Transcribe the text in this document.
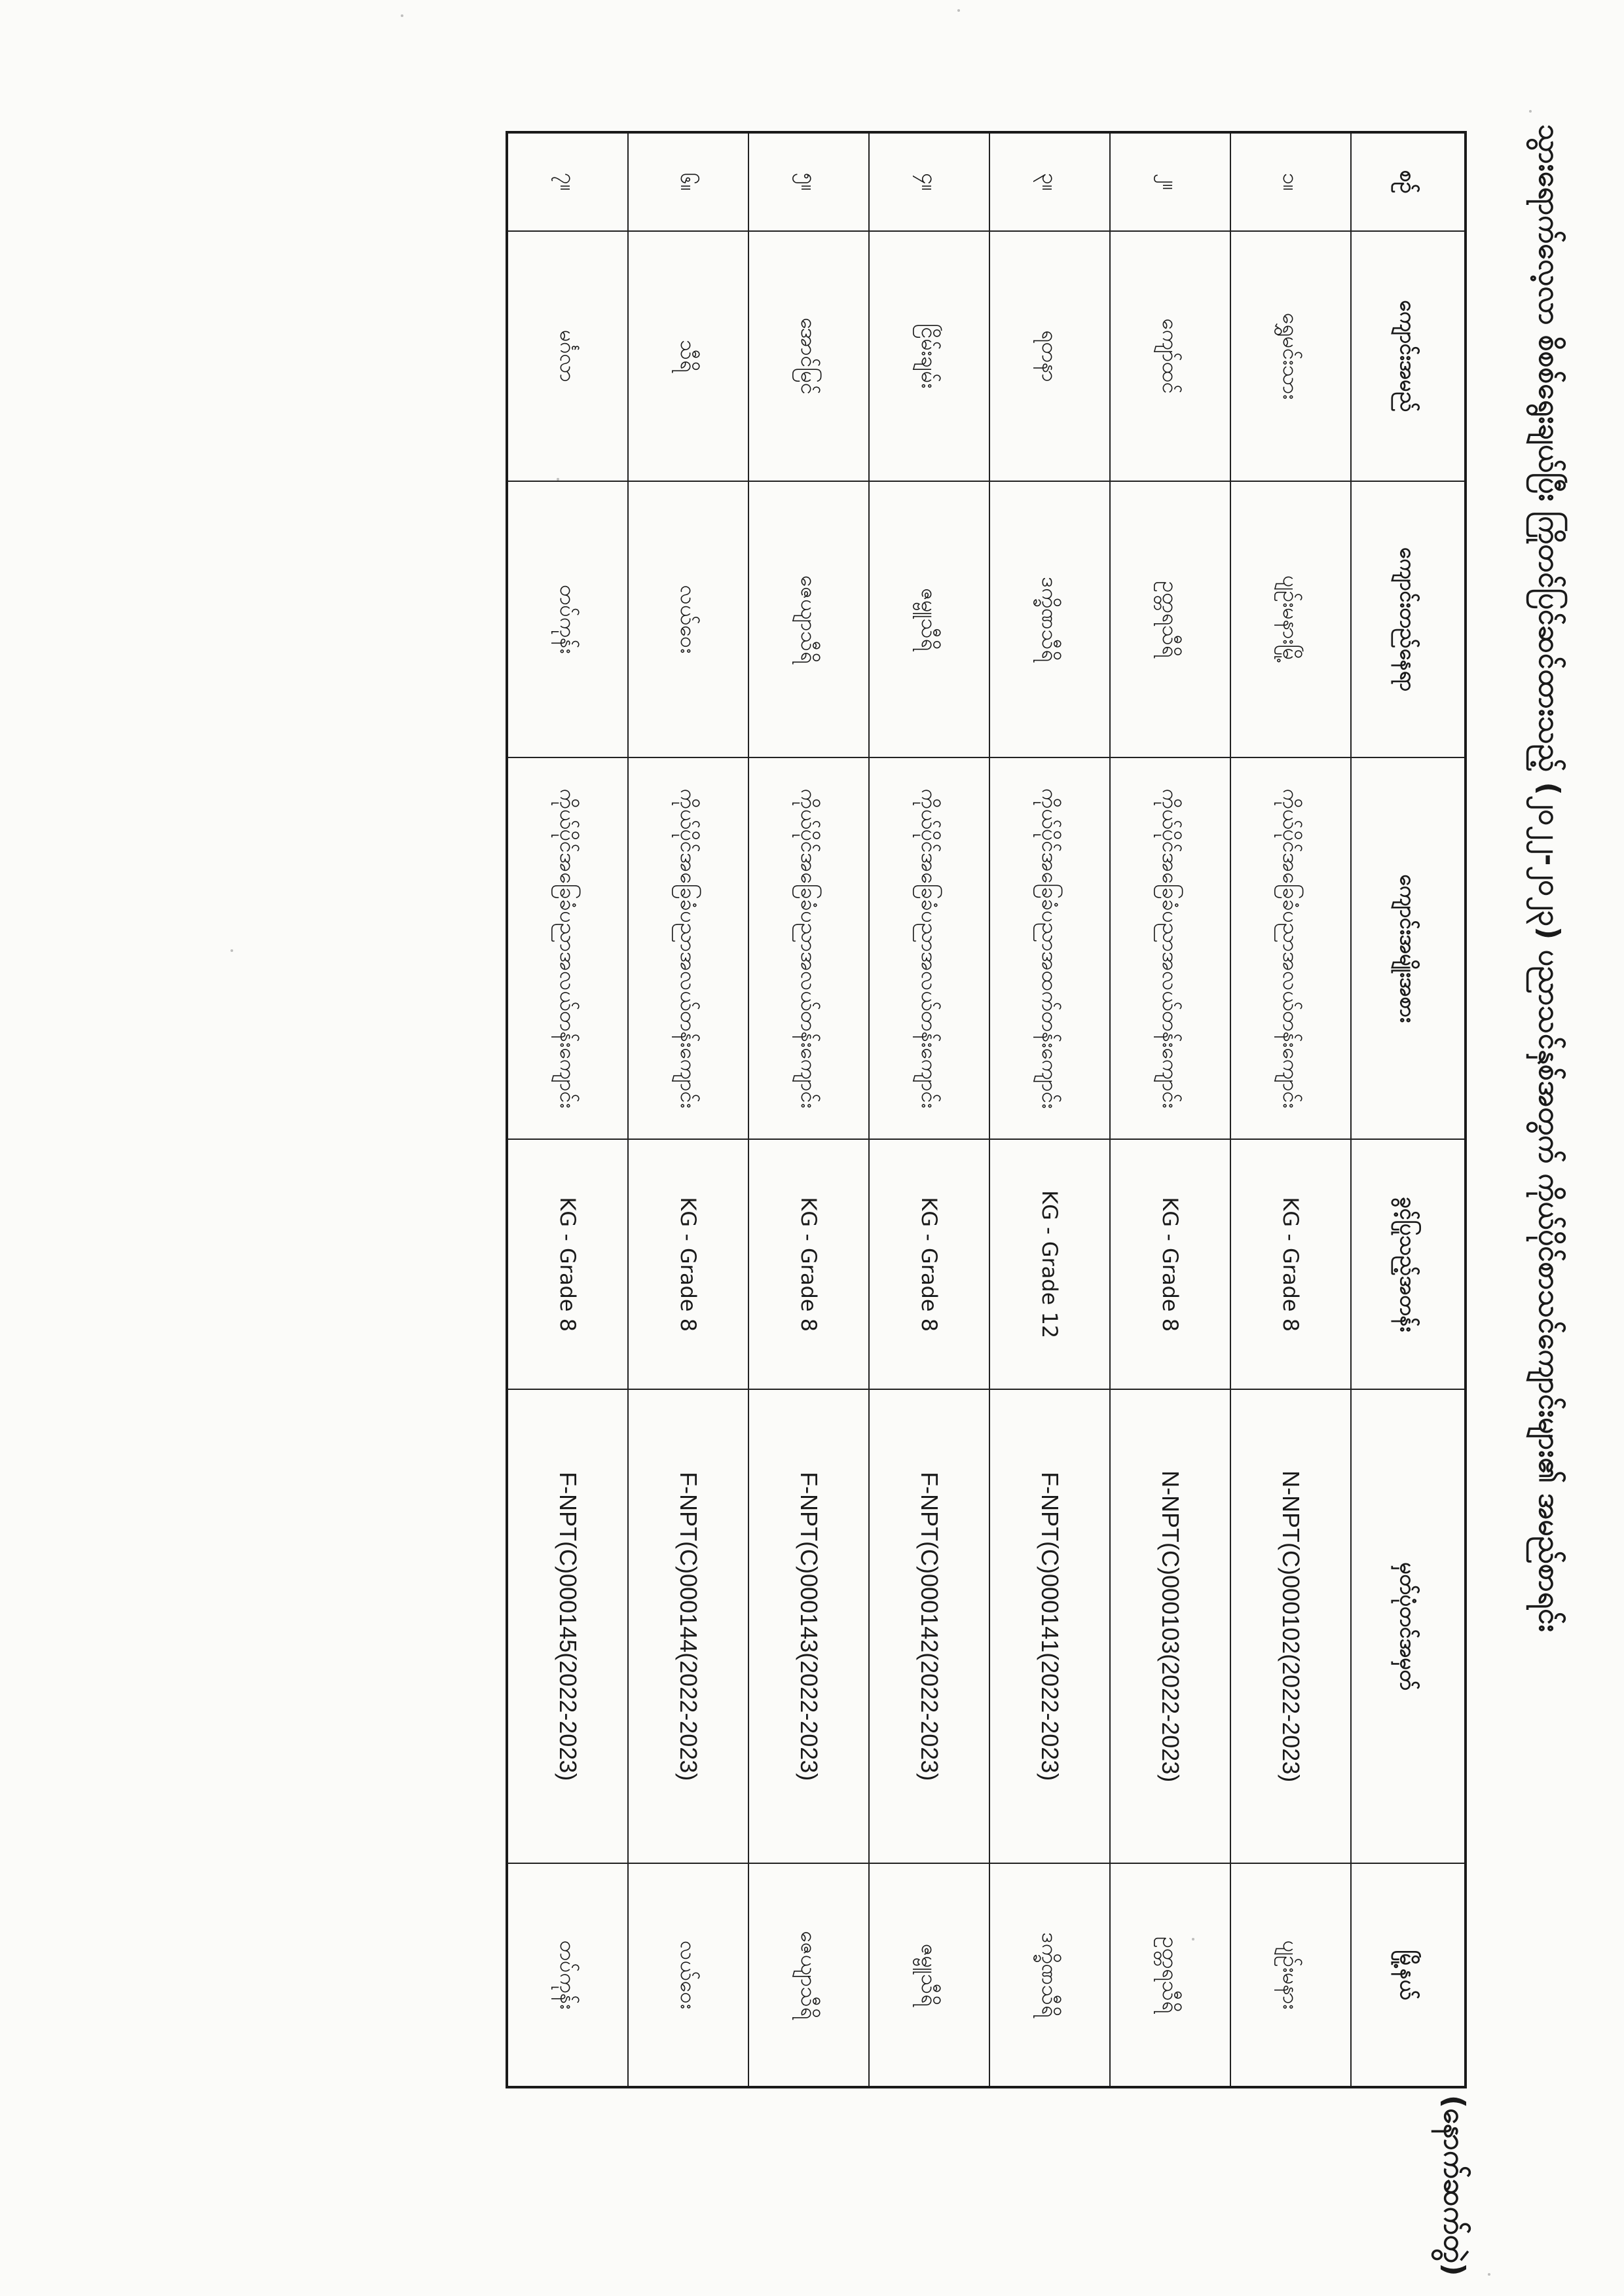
သွားရောက်လေ့လာ စိစစ်ရွေးချယ်ပြီး ကြိုတင်ပြင်ဆင်ထားသည့် (၂၀၂၂-၂၀၂၃) ပညာသင်နှစ်အတွက် ကိုယ်ပိုင်စာသင်ကျောင်းများ၏ အမည်စာရင်း
(နောက်ဆက်တွဲ)
စဉ်	ကျောင်းအမည်	ကျောင်းတည်နေရာ	ကျောင်းအမျိုးအစား	ခွင့်ပြုသည့်အတန်း	မှတ်ပုံတင်အမှတ်	မြို့နယ်
၁။	ရွှေမင်းသား	ပျဉ်းမနားမြို့	ကိုယ်ပိုင်အခြေခံပညာအလယ်တန်းကျောင်း	KG - Grade 8	N-NPT(C)000102(2022-2023)	ပျဉ်းမနား
၂။	ကျော်ထင်	ဥတ္တရသီရိ	ကိုယ်ပိုင်အခြေခံပညာအလယ်တန်းကျောင်း	KG - Grade 8	N-NPT(C)000103(2022-2023)	ဥတ္တရသီရိ
၃။	ရတနာ	ဒက္ခိဏသီရိ	ကိုယ်ပိုင်အခြေခံပညာအထက်တန်းကျောင်း	KG - Grade 12	F-NPT(C)000141(2022-2023)	ဒက္ခိဏသီရိ
၄။	ငြိမ်းချမ်း	ဇမ္ဗူသီရိ	ကိုယ်ပိုင်အခြေခံပညာအလယ်တန်းကျောင်း	KG - Grade 8	F-NPT(C)000142(2022-2023)	ဇမ္ဗူသီရိ
၅။	အောင်မြင်	ဇေယျာသီရိ	ကိုယ်ပိုင်အခြေခံပညာအလယ်တန်းကျောင်း	KG - Grade 8	F-NPT(C)000143(2022-2023)	ဇေယျာသီရိ
၆။	သီရိ	လယ်ဝေး	ကိုယ်ပိုင်အခြေခံပညာအလယ်တန်းကျောင်း	KG - Grade 8	F-NPT(C)000144(2022-2023)	လယ်ဝေး
၇။	မင်္ဂလာ	တပ်ကုန်း	ကိုယ်ပိုင်အခြေခံပညာအလယ်တန်းကျောင်း	KG - Grade 8	F-NPT(C)000145(2022-2023)	တပ်ကုန်း
